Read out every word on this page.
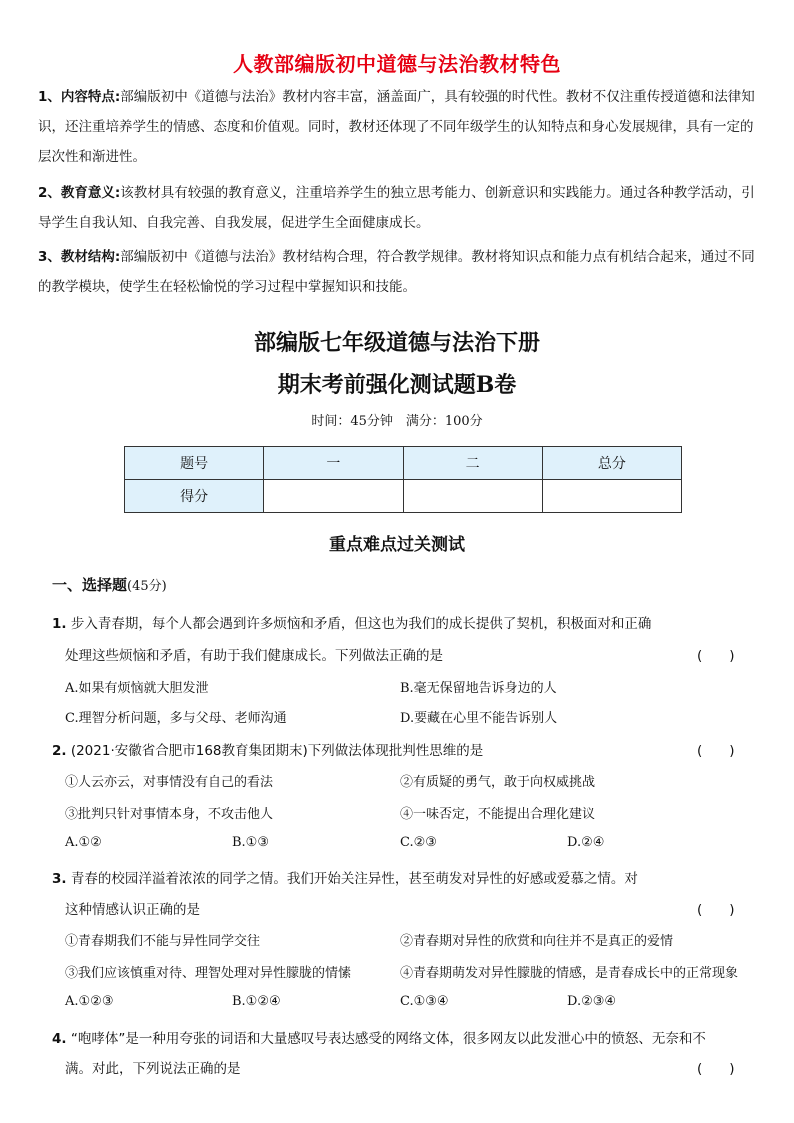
人教部编版初中道德与法治教材特色
1、内容特点:部编版初中《道德与法治》教材内容丰富，涵盖面广，具有较强的时代性。教材不仅注重传授道德和法律知识，还注重培养学生的情感、态度和价值观。同时，教材还体现了不同年级学生的认知特点和身心发展规律，具有一定的层次性和渐进性。
2、教育意义:该教材具有较强的教育意义，注重培养学生的独立思考能力、创新意识和实践能力。通过各种教学活动，引导学生自我认知、自我完善、自我发展，促进学生全面健康成长。
3、教材结构:部编版初中《道德与法治》教材结构合理，符合教学规律。教材将知识点和能力点有机结合起来，通过不同的教学模块，使学生在轻松愉悦的学习过程中掌握知识和技能。
部编版七年级道德与法治下册
期末考前强化测试题B卷
时间：45分钟　满分：100分
题号	一	二	总分
得分			
重点难点过关测试
一、选择题(45分)
1. 步入青春期，每个人都会遇到许多烦恼和矛盾，但这也为我们的成长提供了契机，积极面对和正确
处理这些烦恼和矛盾，有助于我们健康成长。下列做法正确的是	(　　)
A.如果有烦恼就大胆发泄	B.毫无保留地告诉身边的人
C.理智分析问题，多与父母、老师沟通	D.要藏在心里不能告诉别人
2. (2021·安徽省合肥市168教育集团期末)下列做法体现批判性思维的是	(　　)
①人云亦云，对事情没有自己的看法	②有质疑的勇气，敢于向权威挑战
③批判只针对事情本身，不攻击他人	④一味否定，不能提出合理化建议
A.①②	B.①③	C.②③	D.②④
3. 青春的校园洋溢着浓浓的同学之情。我们开始关注异性，甚至萌发对异性的好感或爱慕之情。对
这种情感认识正确的是	(　　)
①青春期我们不能与异性同学交往	②青春期对异性的欣赏和向往并不是真正的爱情
③我们应该慎重对待、理智处理对异性朦胧的情愫	④青春期萌发对异性朦胧的情感，是青春成长中的正常现象
A.①②③	B.①②④	C.①③④	D.②③④
4. “咆哮体”是一种用夸张的词语和大量感叹号表达感受的网络文体，很多网友以此发泄心中的愤怒、无奈和不
满。对此，下列说法正确的是	(　　)
